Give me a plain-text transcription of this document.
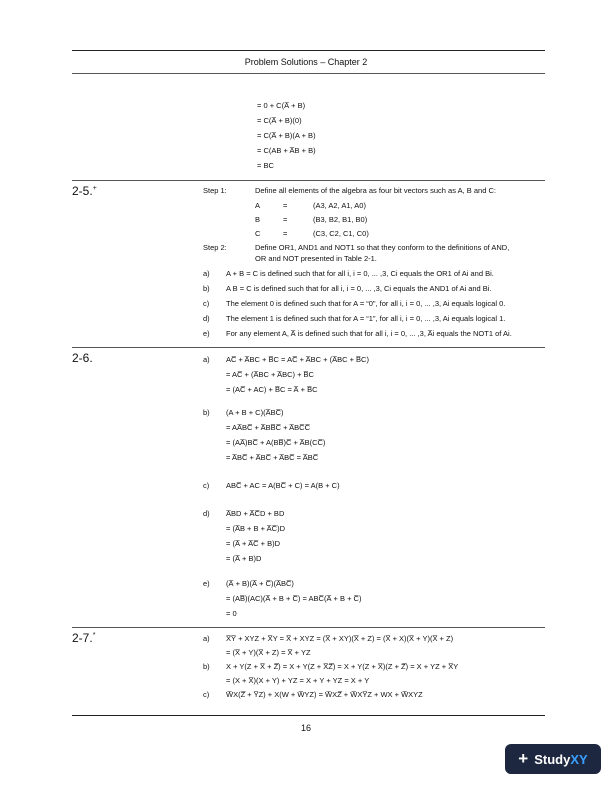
Problem Solutions – Chapter 2
= 0 + C(A̅ + B)
= C(A̅ + B)(0)
= C(A̅ + B)(A + B)
= C(AB + A̅B + B)
= BC
2-5.+	Step 1:	Define all elements of the algebra as four bit vectors such as A, B and C:
A	=	(A3, A2, A1, A0)
B	=	(B3, B2, B1, B0)
C	=	(C3, C2, C1, C0)
Step 2:	Define OR1, AND1 and NOT1 so that they conform to the definitions of AND,
OR and NOT presented in Table 2-1.
a) A + B = C is defined such that for all i, i = 0, ... ,3, Ci equals the OR1 of Ai and Bi.
b) A B = C is defined such that for all i, i = 0, ... ,3, Ci equals the AND1 of Ai and Bi.
c) The element 0 is defined such that for A = “0”, for all i, i = 0, ... ,3, Ai equals logical 0.
d) The element 1 is defined such that for A = “1”, for all i, i = 0, ... ,3, Ai equals logical 1.
e) For any element A, A̅ is defined such that for all i, i = 0, ... ,3, A̅i equals the NOT1 of Ai.
2-6.	a) AC̅ + A̅BC + B̅C = AC̅ + A̅BC + (A̅BC + B̅C)
= AC̅ + (A̅BC + A̅BC) + B̅C
= (AC̅ + AC) + B̅C = A̅ + B̅C
b) (A + B + C)(A̅BC̅)
= AA̅BC̅ + A̅BB̅C̅ + A̅BC̅C̅
= (AA̅)BC̅ + A(BB̅)C̅ + A̅B(CC̅)
= A̅BC̅ + A̅BC̅ + A̅BC̅ = A̅BC̅
c) ABC̅ + AC = A(BC̅ + C) = A(B + C)
d) A̅BD + A̅C̅D + BD
= (A̅B + B + A̅C̅)D
= (A̅ + A̅C̅ + B)D
= (A̅ + B)D
e) (A̅ + B)(A̅ + C̅)(A̅BC̅)
= (AB̅)(AC)(A̅ + B + C̅) = ABC̅(A̅ + B + C̅)
= 0
2-7.*	a) X̅Y̅ + XYZ + X̅Y = X̅ + XYZ = (X̅ + XY)(X̅ + Z) = (X̅ + X)(X̅ + Y)(X̅ + Z)
= (X̅ + Y)(X̅ + Z) = X̅ + YZ
b) X + Y(Z + X̅ + Z̅) = X + Y(Z + X̅Z̅) = X + Y(Z + X̅)(Z + Z̅) = X + YZ + X̅Y
= (X + X̅)(X + Y) + YZ = X + Y + YZ = X + Y
c) W̅X(Z̅ + Y̅Z) + X(W + W̅YZ) = W̅XZ̅ + W̅XY̅Z + WX + W̅XYZ
16
+ StudyXY
